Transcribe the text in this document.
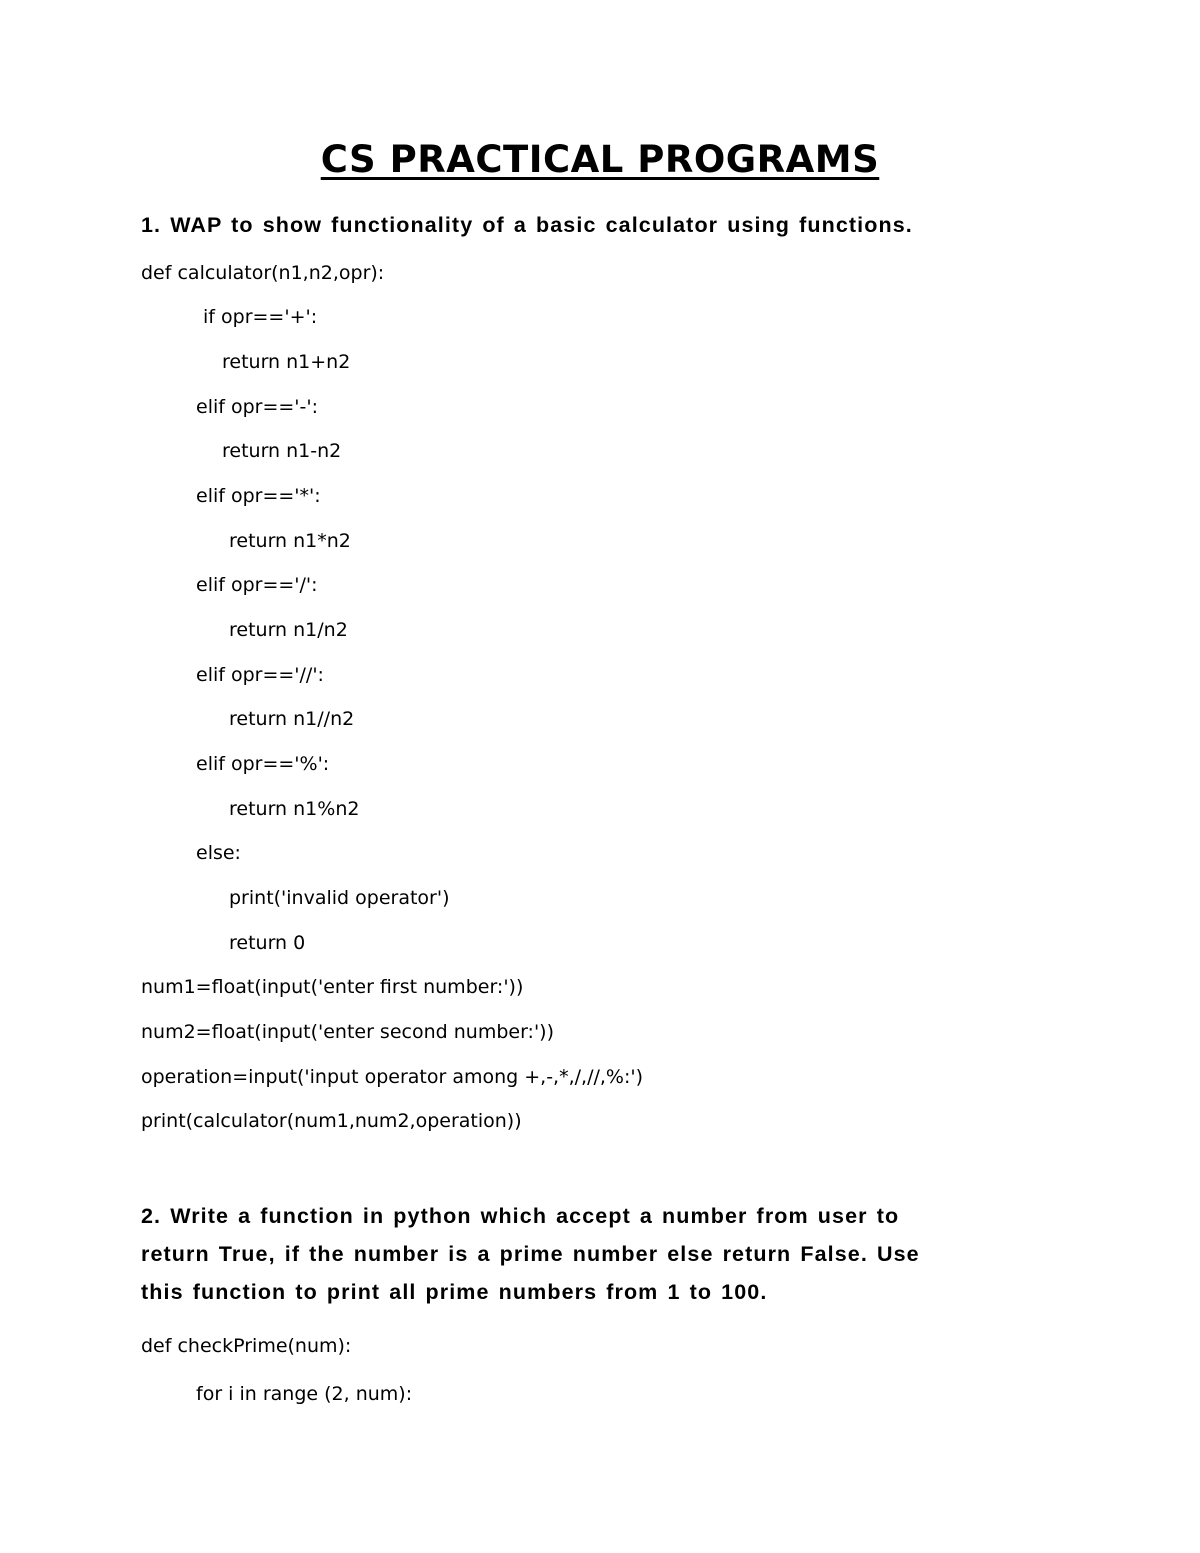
CS PRACTICAL PROGRAMS
1. WAP to show functionality of a basic calculator using functions.
def calculator(n1,n2,opr):
if opr=='+':
return n1+n2
elif opr=='-':
return n1-n2
elif opr=='*':
return n1*n2
elif opr=='/':
return n1/n2
elif opr=='//':
return n1//n2
elif opr=='%':
return n1%n2
else:
print('invalid operator')
return 0
num1=float(input('enter first number:'))
num2=float(input('enter second number:'))
operation=input('input operator among +,-,*,/,//,%:')
print(calculator(num1,num2,operation))
2. Write a function in python which accept a number from user to
return True, if the number is a prime number else return False. Use
this function to print all prime numbers from 1 to 100.
def checkPrime(num):
for i in range (2, num):
